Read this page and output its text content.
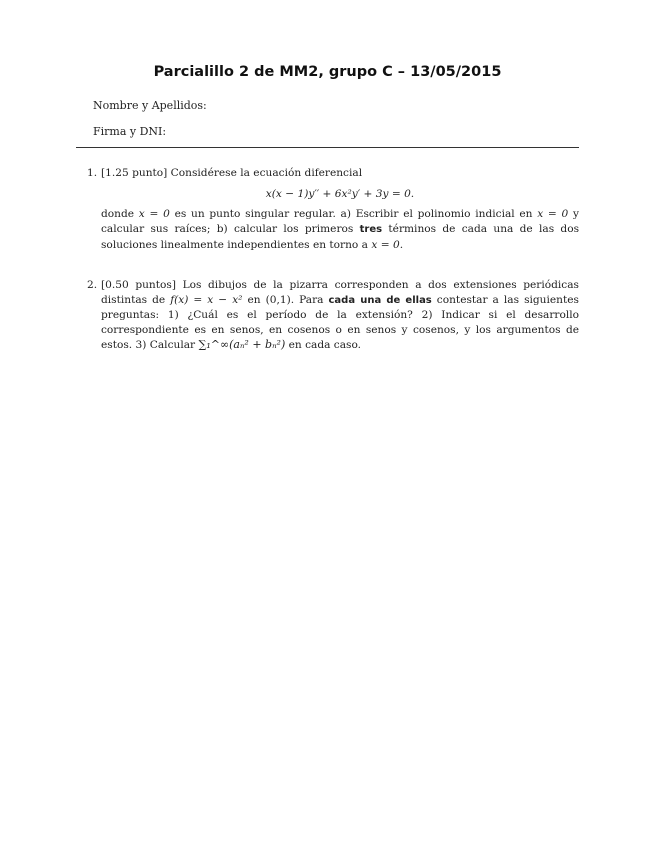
Parcialillo 2 de MM2, grupo C – 13/05/2015
Nombre y Apellidos:
Firma y DNI:
1. [1.25 punto] Considérese la ecuación diferencial

x(x − 1)y′′ + 6x²y′ + 3y = 0.

donde x = 0 es un punto singular regular. a) Escribir el polinomio indicial en x = 0 y calcular sus raíces; b) calcular los primeros tres términos de cada una de las dos soluciones linealmente independientes en torno a x = 0.

2. [0.50 puntos] Los dibujos de la pizarra corresponden a dos extensiones periódicas distintas de f(x) = x − x² en (0,1). Para cada una de ellas contestar a las siguientes preguntas: 1) ¿Cuál es el período de la extensión? 2) Indicar si el desarrollo correspondiente es en senos, en cosenos o en senos y cosenos, y los argumentos de estos. 3) Calcular ∑₁^∞(aₙ² + bₙ²) en cada caso.
